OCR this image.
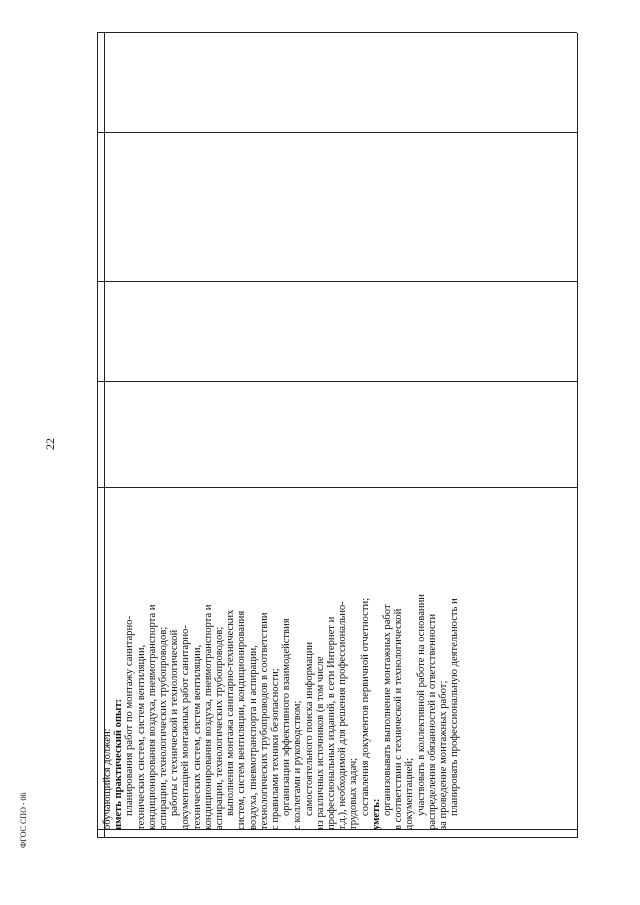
обучающийся должен: иметь практический опыт: планирования работ по монтажу санитарно- технических систем, систем вентиляции, кондиционирования воздуха, пневмотранспорта и аспирации, технологических трубопроводов; работы с технической и технологической документацией монтажных работ санитарно- технических систем, систем вентиляции, кондиционирования воздуха, пневмотранспорта и аспирации, технологических трубопроводов; выполнения монтажа санитарно-технических систем, систем вентиляции, кондиционирования воздуха, пневмотранспорта и аспирации, технологических трубопроводов в соответствии с правилами техники безопасности; организации эффективного взаимодействия с коллегами и руководством; самостоятельного поиска информации из различных источников (в том числе профессиональных изданий, в сети Интернет и т.д.), необходимой для решения профессионально- трудовых задач; составления документов первичной отчетности; уметь: организовывать выполнение монтажных работ в соответствии с технической и технологической документацией; участвовать в коллективной работе на основании распределения обязанностей и ответственности за проведение монтажных работ; планировать профессиональную деятельность и
22
ФГОС СПО - 06
